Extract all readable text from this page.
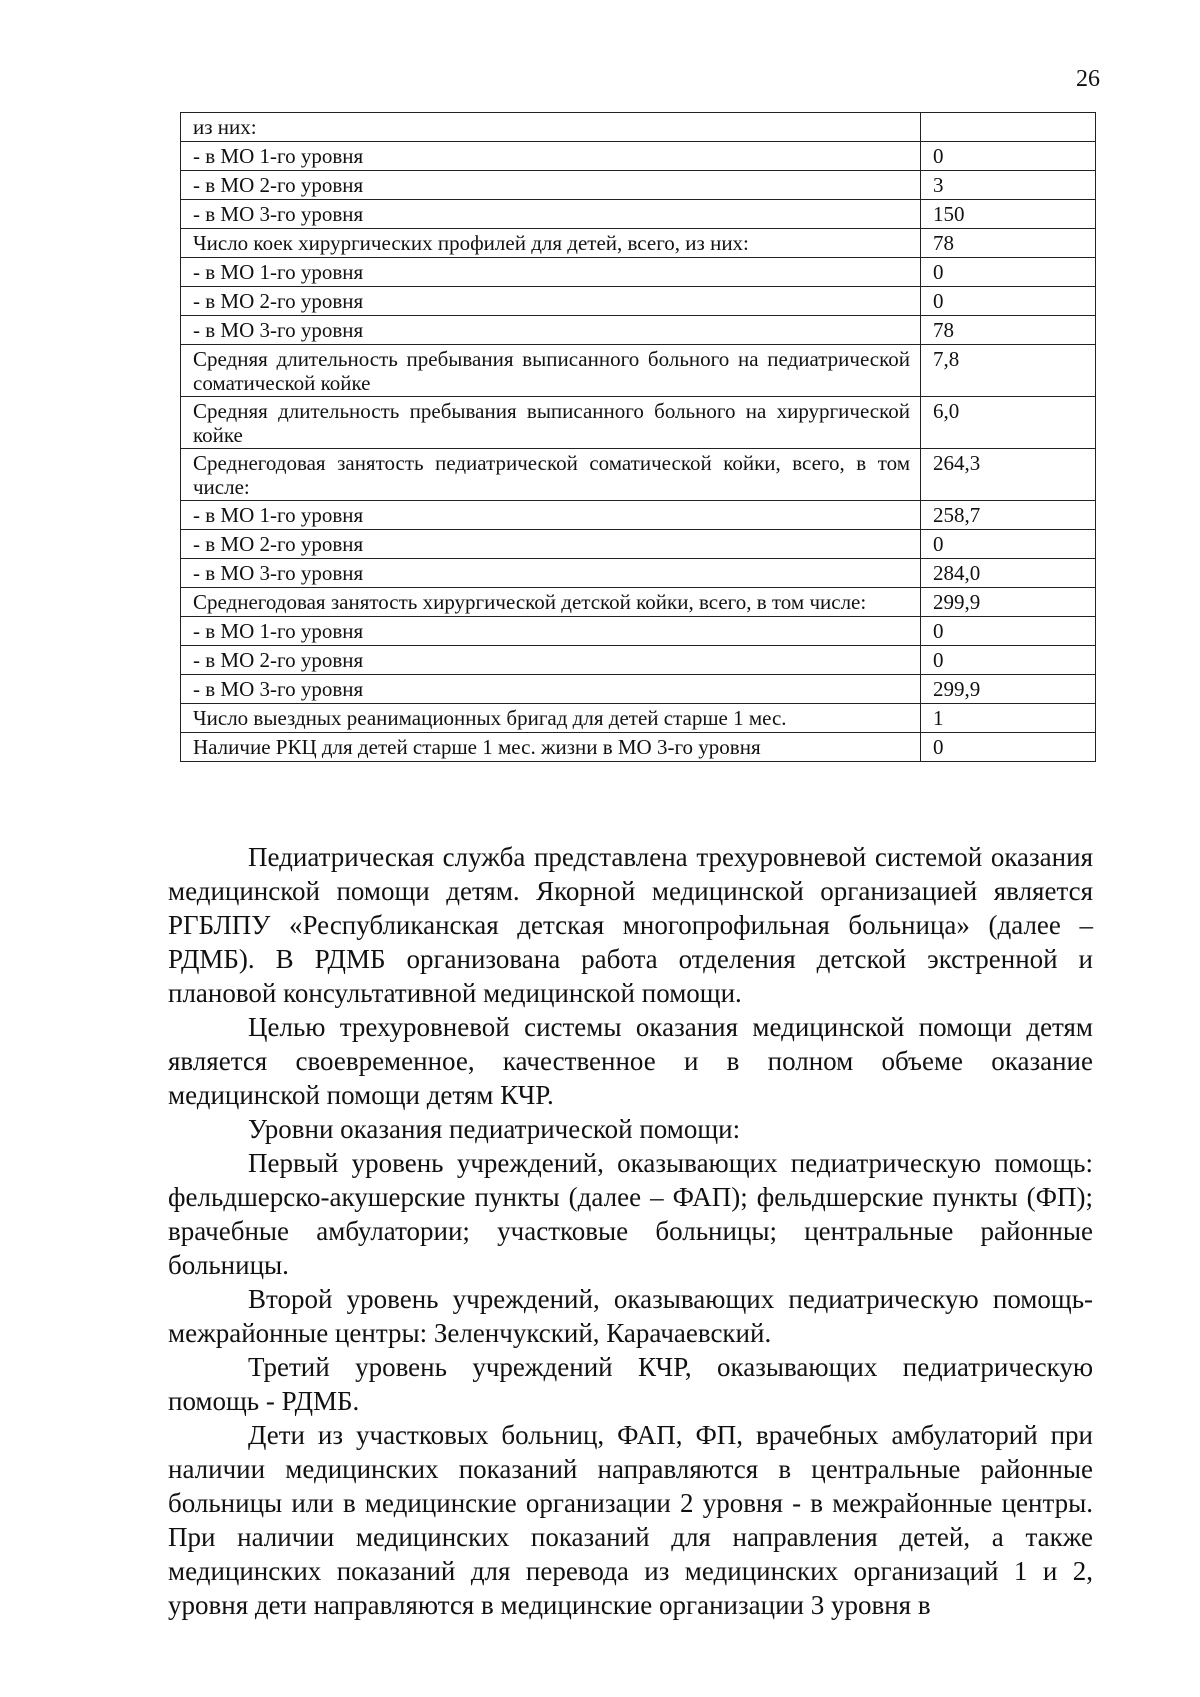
26
из них:	
- в МО 1-го уровня	0
- в МО 2-го уровня	3
- в МО 3-го уровня	150
Число коек хирургических профилей для детей, всего, из них:	78
- в МО 1-го уровня	0
- в МО 2-го уровня	0
- в МО 3-го уровня	78
Средняя длительность пребывания выписанного больного на педиатрической соматической койке	7,8
Средняя длительность пребывания выписанного больного на хирургической койке	6,0
Среднегодовая занятость педиатрической соматической койки, всего, в том числе:	264,3
- в МО 1-го уровня	258,7
- в МО 2-го уровня	0
- в МО 3-го уровня	284,0
Среднегодовая занятость хирургической детской койки, всего, в том числе:	299,9
- в МО 1-го уровня	0
- в МО 2-го уровня	0
- в МО 3-го уровня	299,9
Число выездных реанимационных бригад для детей старше 1 мес.	1
Наличие РКЦ для детей старше 1 мес. жизни в МО 3-го уровня	0

Педиатрическая служба представлена трехуровневой системой оказания медицинской помощи детям. Якорной медицинской организацией является РГБЛПУ «Республиканская детская многопрофильная больница» (далее – РДМБ). В РДМБ организована работа отделения детской экстренной и плановой консультативной медицинской помощи.

Целью трехуровневой системы оказания медицинской помощи детям является своевременное, качественное и в полном объеме оказание медицинской помощи детям КЧР.

Уровни оказания педиатрической помощи:

Первый уровень учреждений, оказывающих педиатрическую помощь: фельдшерско-акушерские пункты (далее – ФАП); фельдшерские пункты (ФП); врачебные амбулатории; участковые больницы; центральные районные больницы.

Второй уровень учреждений, оказывающих педиатрическую помощь-межрайонные центры: Зеленчукский, Карачаевский.

Третий уровень учреждений КЧР, оказывающих педиатрическую помощь - РДМБ.

Дети из участковых больниц, ФАП, ФП, врачебных амбулаторий при наличии медицинских показаний направляются в центральные районные больницы или в медицинские организации 2 уровня - в межрайонные центры. При наличии медицинских показаний для направления детей, а также медицинских показаний для перевода из медицинских организаций 1 и 2, уровня дети направляются в медицинские организации 3 уровня в
